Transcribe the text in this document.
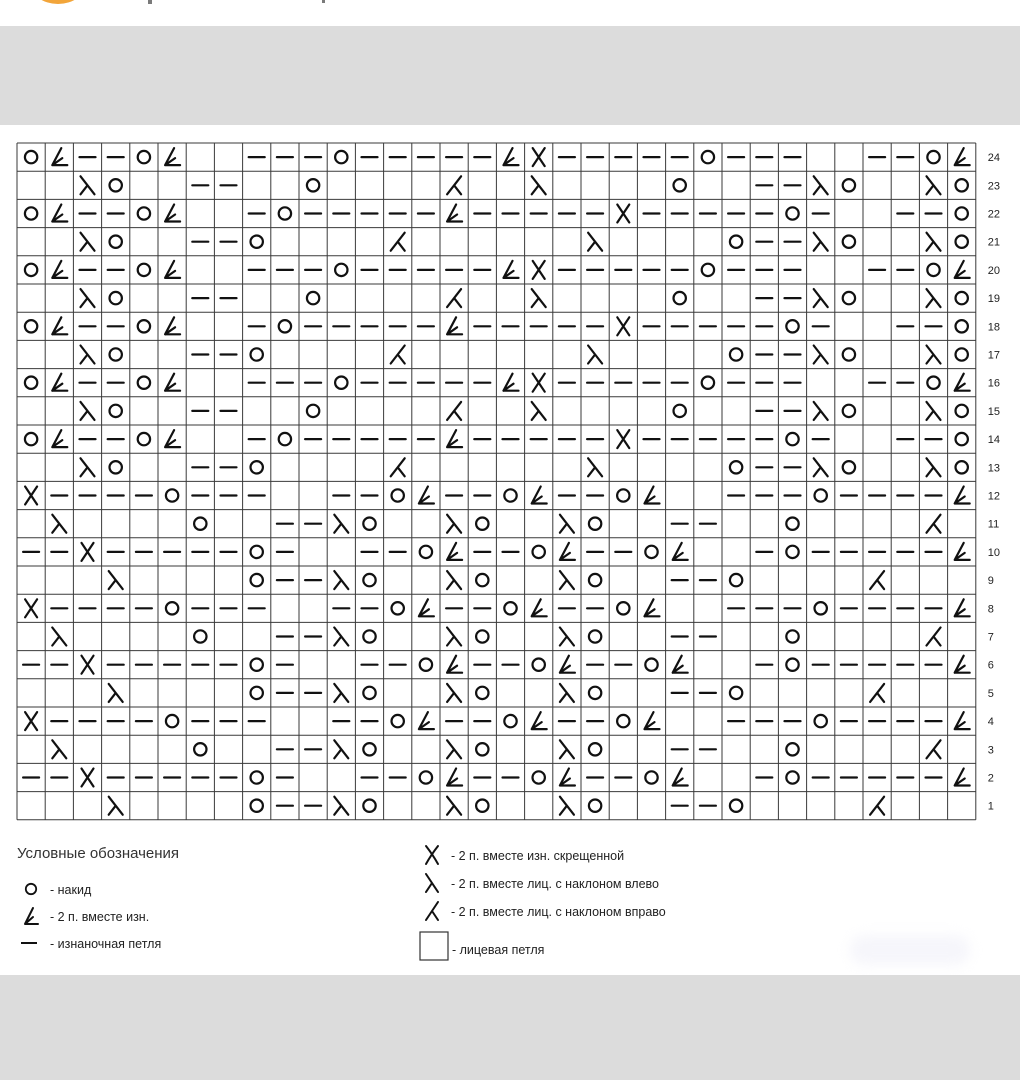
24
23
22
21
20
19
18
17
16
15
14
13
12
11
10
9
8
7
6
5
4
3
2
1
Условные обозначения
- накид
- 2 п. вместе изн.
- изнаночная петля
- 2 п. вместе изн. скрещенной
- 2 п. вместе лиц. с наклоном влево
- 2 п. вместе лиц. с наклоном вправо
- лицевая петля
